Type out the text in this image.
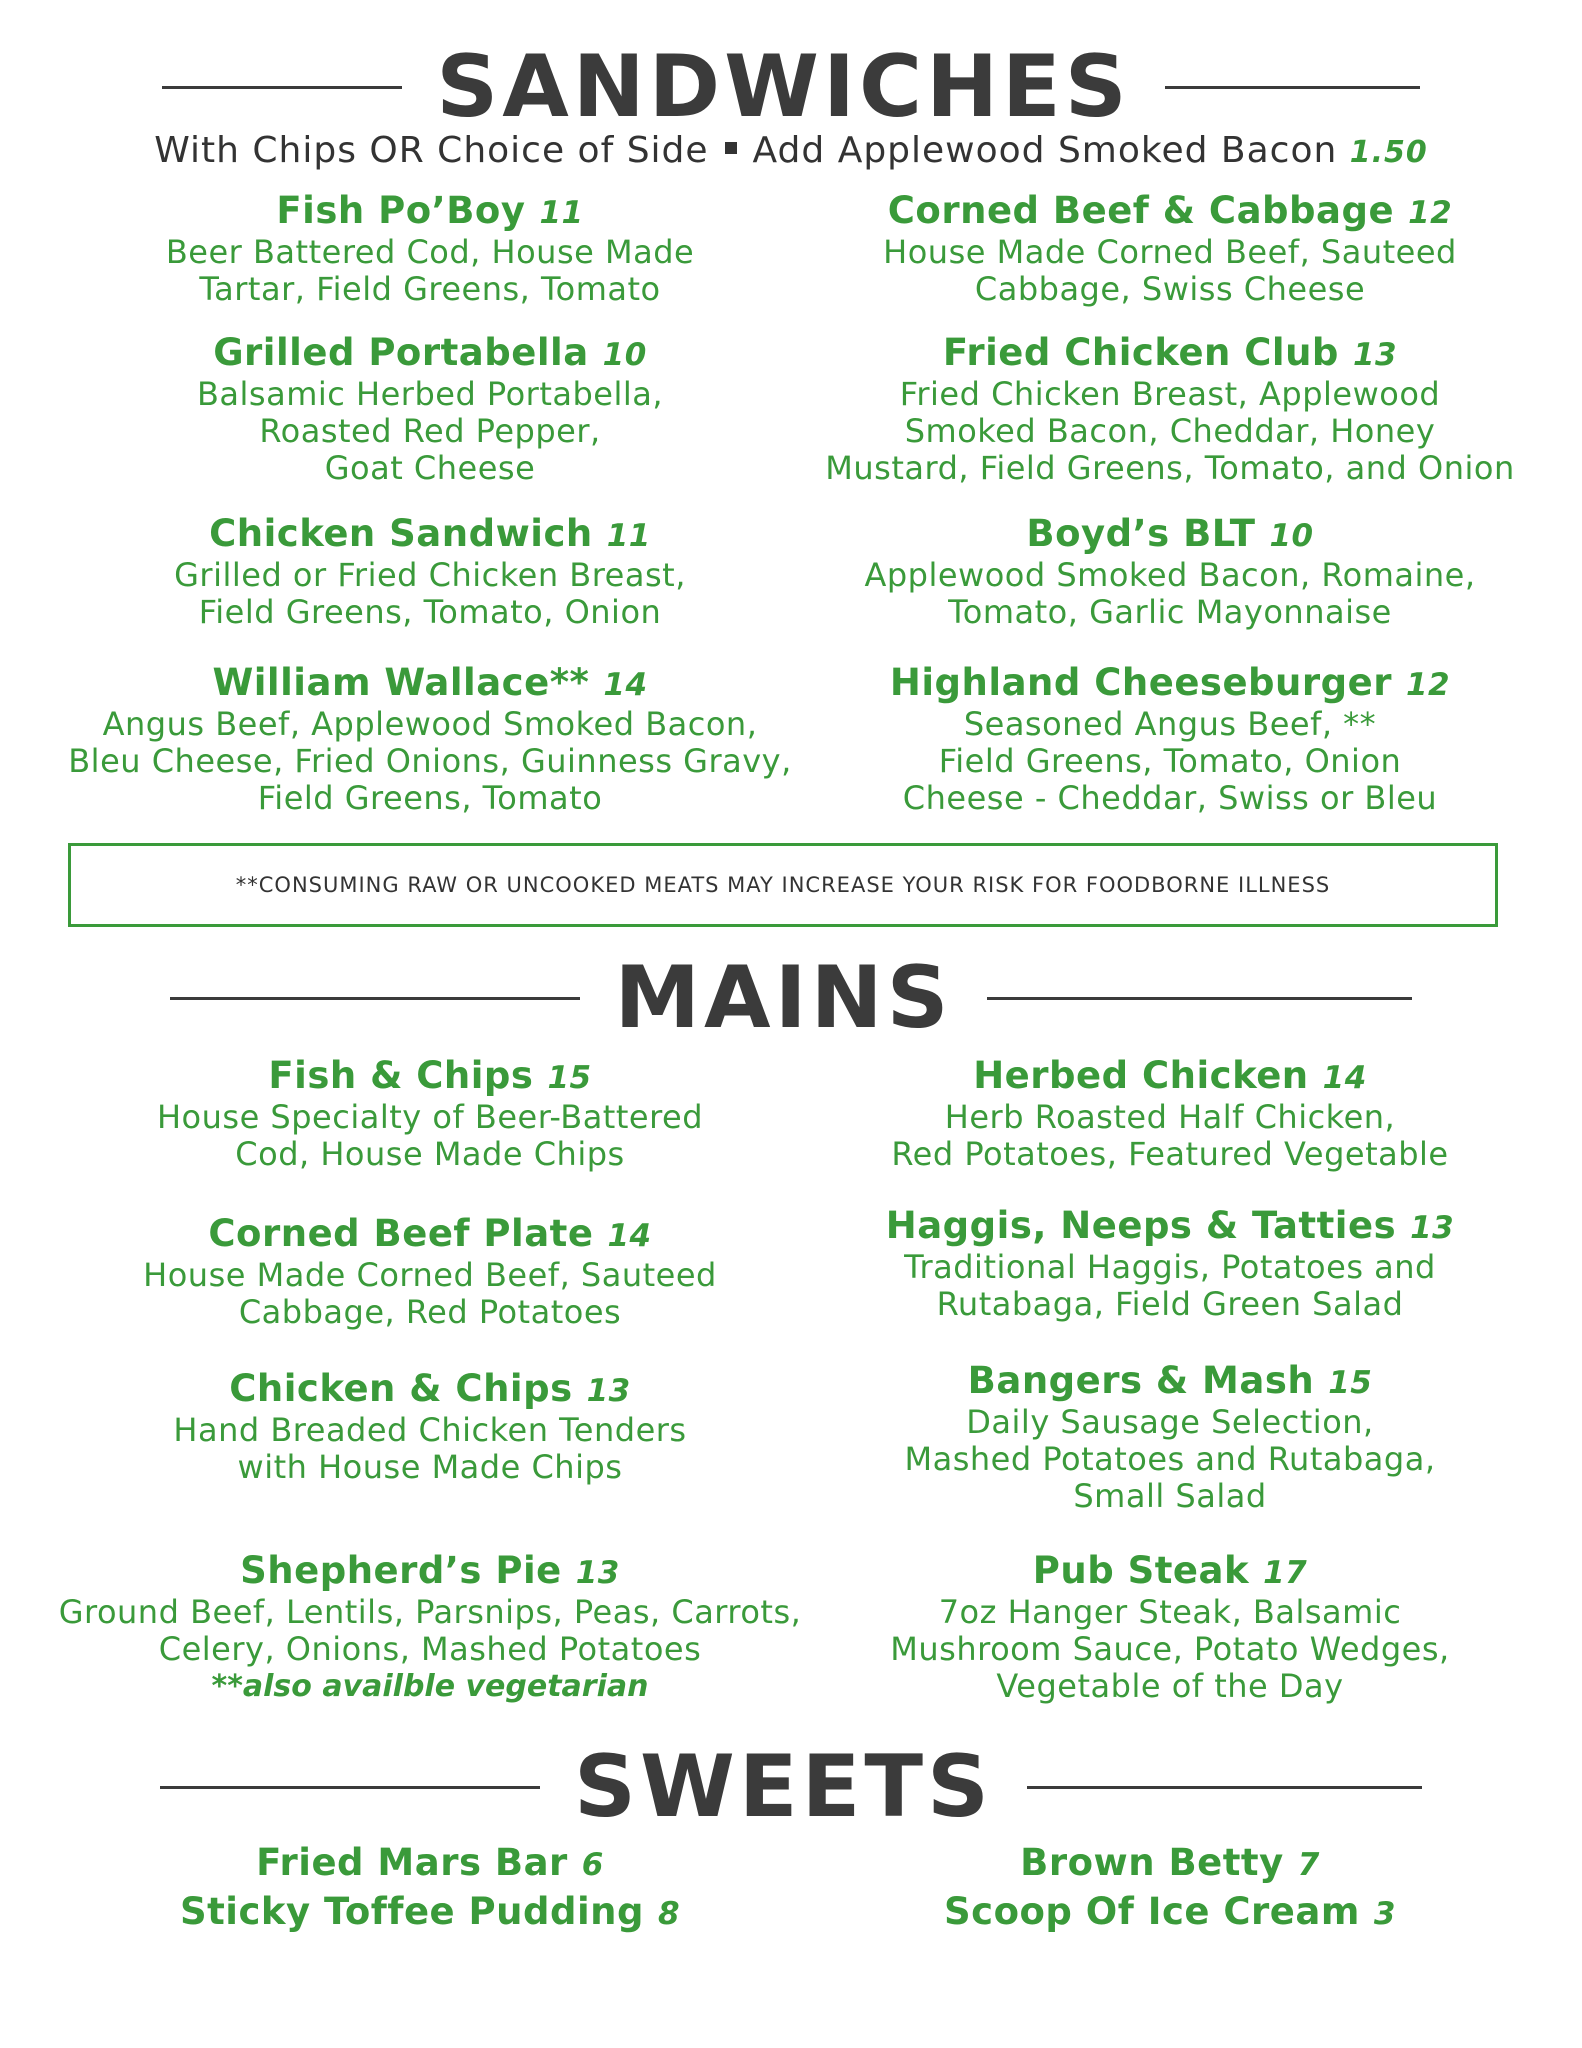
SANDWICHES
With Chips OR Choice of Side Add Applewood Smoked Bacon 1.50
Fish Po’Boy 11
Beer Battered Cod, House Made
Tartar, Field Greens, Tomato
Corned Beef & Cabbage 12
House Made Corned Beef, Sauteed
Cabbage, Swiss Cheese
Grilled Portabella 10
Balsamic Herbed Portabella,
Roasted Red Pepper,
Goat Cheese
Fried Chicken Club 13
Fried Chicken Breast, Applewood
Smoked Bacon, Cheddar, Honey
Mustard, Field Greens, Tomato, and Onion
Chicken Sandwich 11
Grilled or Fried Chicken Breast,
Field Greens, Tomato, Onion
Boyd’s BLT 10
Applewood Smoked Bacon, Romaine,
Tomato, Garlic Mayonnaise
William Wallace** 14
Angus Beef, Applewood Smoked Bacon,
Bleu Cheese, Fried Onions, Guinness Gravy,
Field Greens, Tomato
Highland Cheeseburger 12
Seasoned Angus Beef, **
Field Greens, Tomato, Onion
Cheese - Cheddar, Swiss or Bleu
**CONSUMING RAW OR UNCOOKED MEATS MAY INCREASE YOUR RISK FOR FOODBORNE ILLNESS
MAINS
Fish & Chips 15
House Specialty of Beer-Battered
Cod, House Made Chips
Herbed Chicken 14
Herb Roasted Half Chicken,
Red Potatoes, Featured Vegetable
Corned Beef Plate 14
House Made Corned Beef, Sauteed
Cabbage, Red Potatoes
Haggis, Neeps & Tatties 13
Traditional Haggis, Potatoes and
Rutabaga, Field Green Salad
Chicken & Chips 13
Hand Breaded Chicken Tenders
with House Made Chips
Bangers & Mash 15
Daily Sausage Selection,
Mashed Potatoes and Rutabaga,
Small Salad
Shepherd’s Pie 13
Ground Beef, Lentils, Parsnips, Peas, Carrots,
Celery, Onions, Mashed Potatoes
**also availble vegetarian
Pub Steak 17
7oz Hanger Steak, Balsamic
Mushroom Sauce, Potato Wedges,
Vegetable of the Day
SWEETS
Fried Mars Bar 6	Brown Betty 7
Sticky Toffee Pudding 8	Scoop Of Ice Cream 3
